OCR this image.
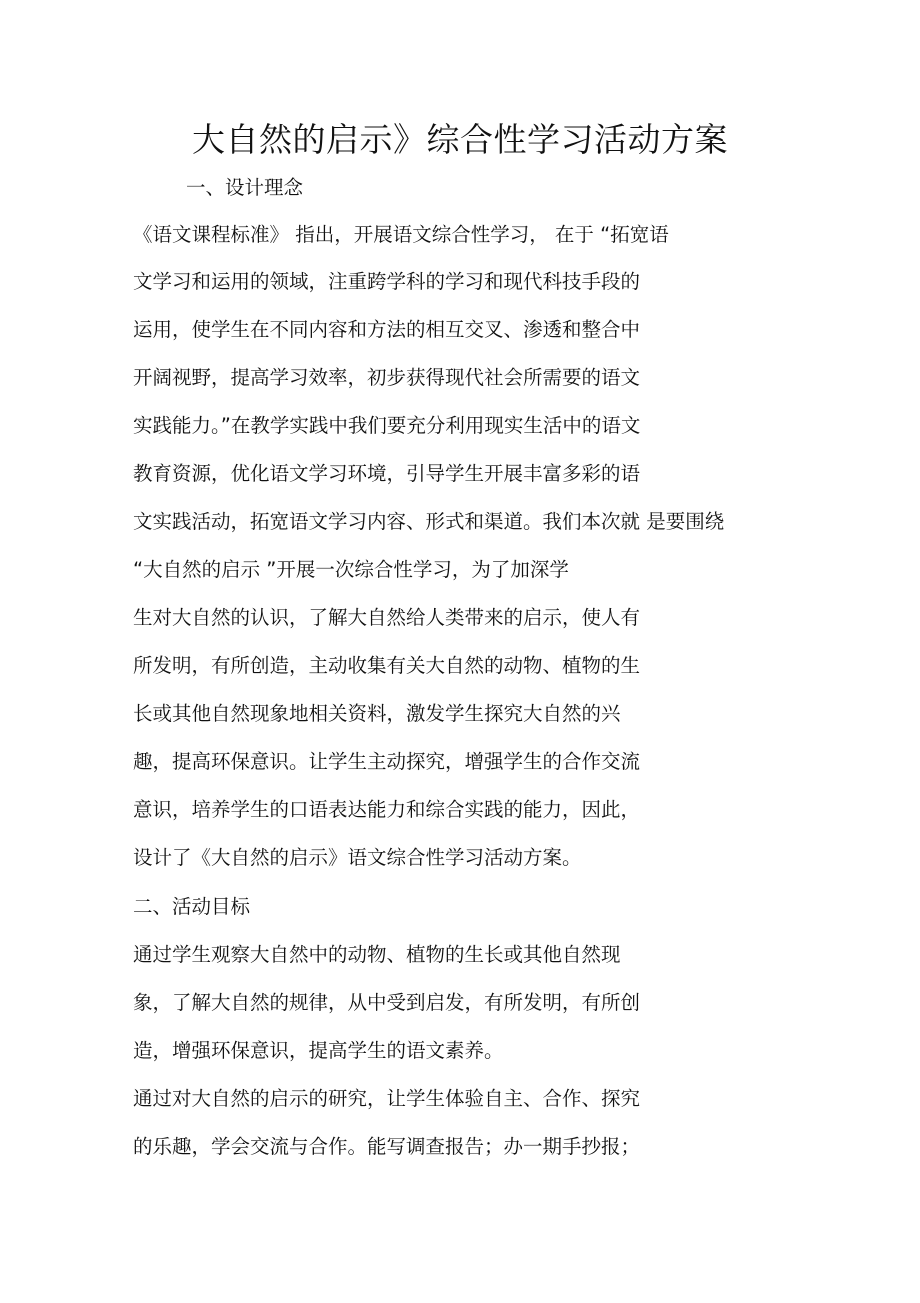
大自然的启示》综合性学习活动方案

一、设计理念

《语文课程标准》 指出，开展语文综合性学习， 在于 “拓宽语

文学习和运用的领域，注重跨学科的学习和现代科技手段的

运用，使学生在不同内容和方法的相互交叉、渗透和整合中

开阔视野，提高学习效率，初步获得现代社会所需要的语文

实践能力。”在教学实践中我们要充分利用现实生活中的语文

教育资源，优化语文学习环境，引导学生开展丰富多彩的语

文实践活动，拓宽语文学习内容、形式和渠道。我们本次就 是要围绕

“大自然的启示 ”开展一次综合性学习，为了加深学

生对大自然的认识，了解大自然给人类带来的启示，使人有

所发明，有所创造，主动收集有关大自然的动物、植物的生

长或其他自然现象地相关资料，激发学生探究大自然的兴

趣，提高环保意识。让学生主动探究，增强学生的合作交流

意识，培养学生的口语表达能力和综合实践的能力，因此，

设计了《大自然的启示》语文综合性学习活动方案。

二、活动目标

通过学生观察大自然中的动物、植物的生长或其他自然现

象，了解大自然的规律，从中受到启发，有所发明，有所创

造，增强环保意识，提高学生的语文素养。

通过对大自然的启示的研究，让学生体验自主、合作、探究

的乐趣，学会交流与合作。能写调查报告；办一期手抄报；
